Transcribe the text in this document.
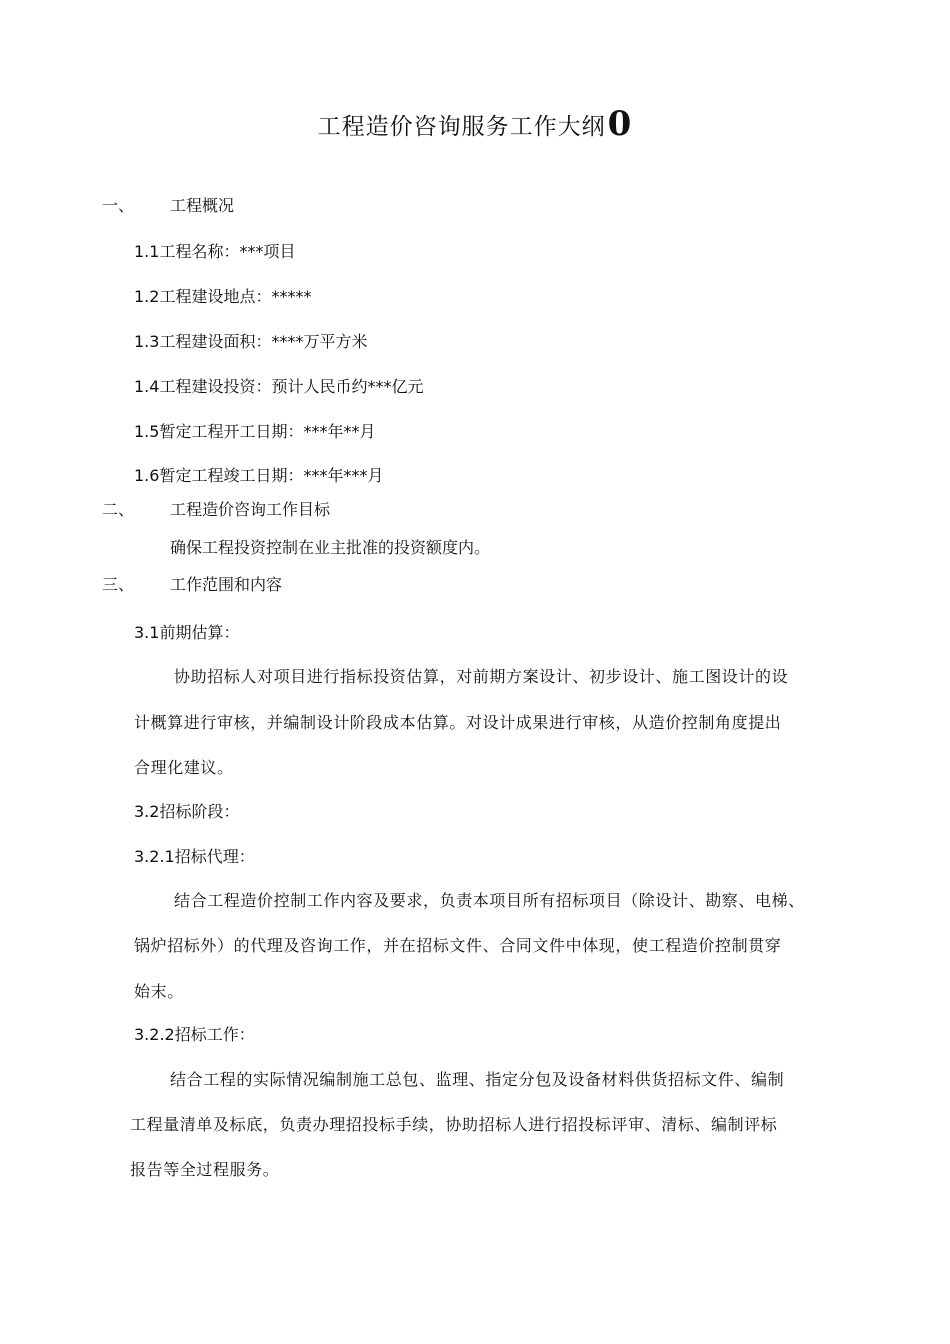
工程造价咨询服务工作大纲0
一、 工程概况
1.1工程名称：***项目
1.2工程建设地点：*****
1.3工程建设面积：****万平方米
1.4工程建设投资：预计人民币约***亿元
1.5暂定工程开工日期：***年**月
1.6暂定工程竣工日期：***年***月
二、 工程造价咨询工作目标
确保工程投资控制在业主批准的投资额度内。
三、 工作范围和内容
3.1前期估算：
协助招标人对项目进行指标投资估算，对前期方案设计、初步设计、施工图设计的设
计概算进行审核，并编制设计阶段成本估算。对设计成果进行审核，从造价控制角度提出
合理化建议。
3.2招标阶段：
3.2.1招标代理：
结合工程造价控制工作内容及要求，负责本项目所有招标项目（除设计、勘察、电梯、
锅炉招标外）的代理及咨询工作，并在招标文件、合同文件中体现，使工程造价控制贯穿
始末。
3.2.2招标工作：
结合工程的实际情况编制施工总包、监理、指定分包及设备材料供货招标文件、编制
工程量清单及标底，负责办理招投标手续，协助招标人进行招投标评审、清标、编制评标
报告等全过程服务。
